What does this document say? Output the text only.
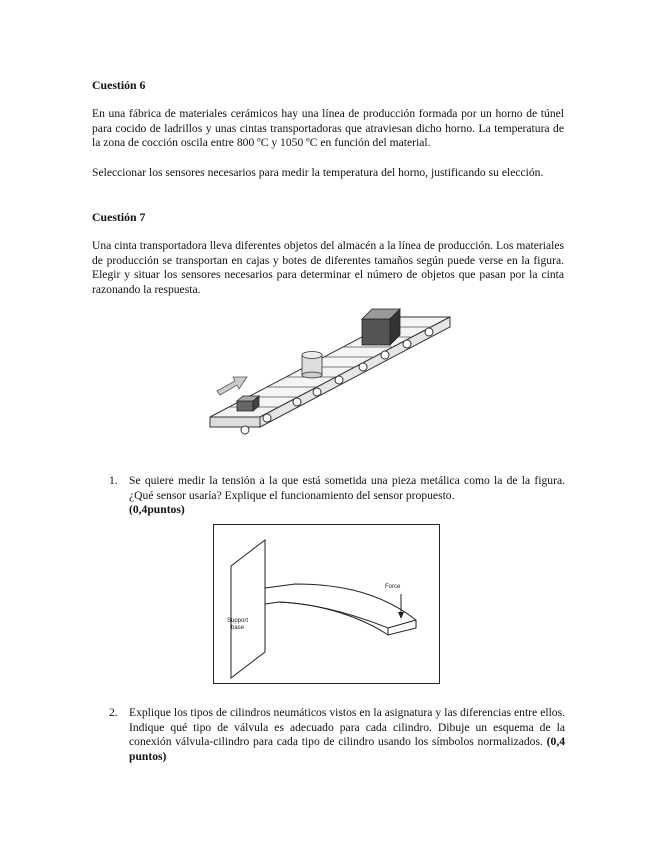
Cuestión 6
En una fábrica de materiales cerámicos hay una línea de producción formada por un horno de túnel para cocido de ladrillos y unas cintas transportadoras que atraviesan dicho horno. La temperatura de la zona de cocción oscila entre 800 ºC y 1050 ºC en función del material.
Seleccionar los sensores necesarios para medir la temperatura del horno, justificando su elección.
Cuestión 7
Una cinta transportadora lleva diferentes objetos del almacén a la línea de producción. Los materiales de producción se transportan en cajas y botes de diferentes tamaños según puede verse en la figura. Elegir y situar los sensores necesarios para determinar el número de objetos que pasan por la cinta razonando la respuesta.
1. Se quiere medir la tensión a la que está sometida una pieza metálica como la de la figura. ¿Qué sensor usaría? Explique el funcionamiento del sensor propuesto.
(0,4puntos)
Force
Support
base
2. Explique los tipos de cilindros neumáticos vistos en la asignatura y las diferencias entre ellos. Indique qué tipo de válvula es adecuado para cada cilindro. Dibuje un esquema de la conexión válvula-cilindro para cada tipo de cilindro usando los símbolos normalizados. (0,4 puntos)
